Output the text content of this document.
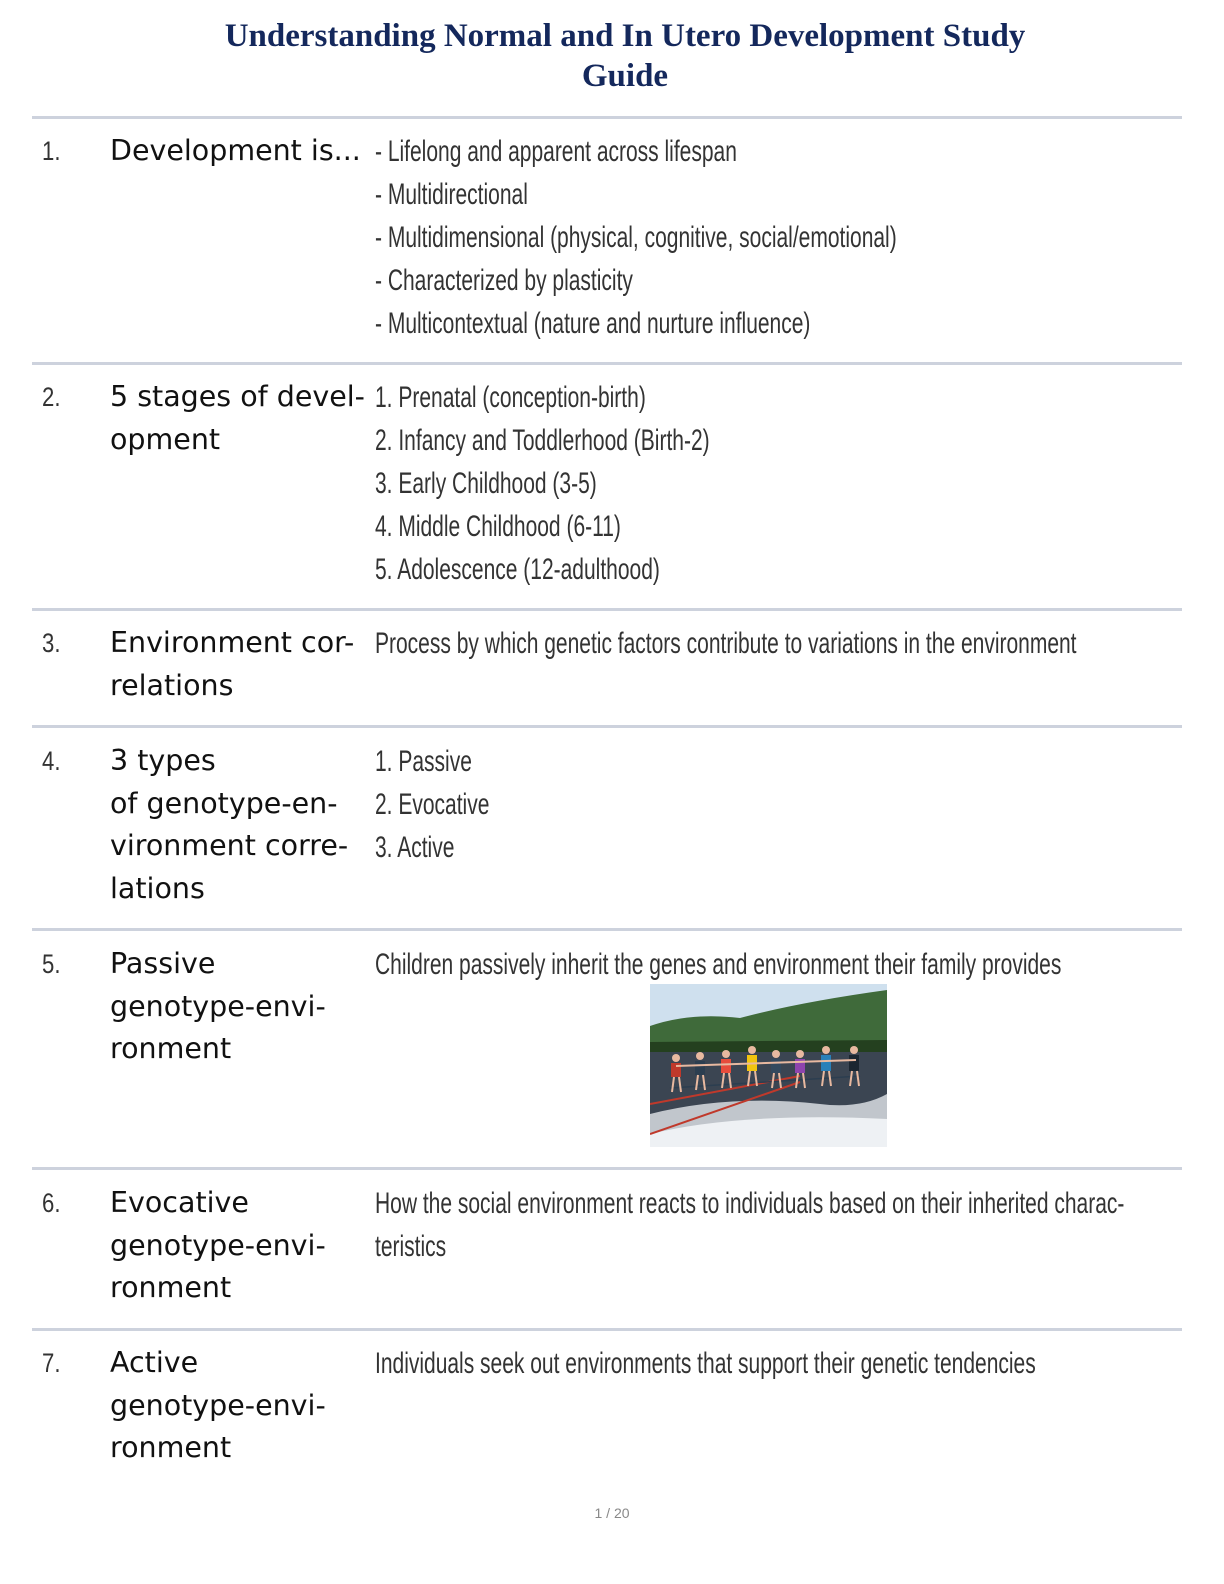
Understanding Normal and In Utero Development Study
Guide
1. Development is... - Lifelong and apparent across lifespan
- Multidirectional
- Multidimensional (physical, cognitive, social/emotional)
- Characterized by plasticity
- Multicontextual (nature and nurture influence)
2. 5 stages of devel-
opment
1. Prenatal (conception-birth)
2. Infancy and Toddlerhood (Birth-2)
3. Early Childhood (3-5)
4. Middle Childhood (6-11)
5. Adolescence (12-adulthood)
3. Environment cor-
relations
Process by which genetic factors contribute to variations in the environment
4. 3 types
of genotype-en-
vironment corre-
lations
1. Passive
2. Evocative
3. Active
5. Passive
genotype-envi-
ronment
Children passively inherit the genes and environment their family provides
6. Evocative
genotype-envi-
ronment
How the social environment reacts to individuals based on their inherited charac-
teristics
7. Active
genotype-envi-
ronment
Individuals seek out environments that support their genetic tendencies
1 / 20
